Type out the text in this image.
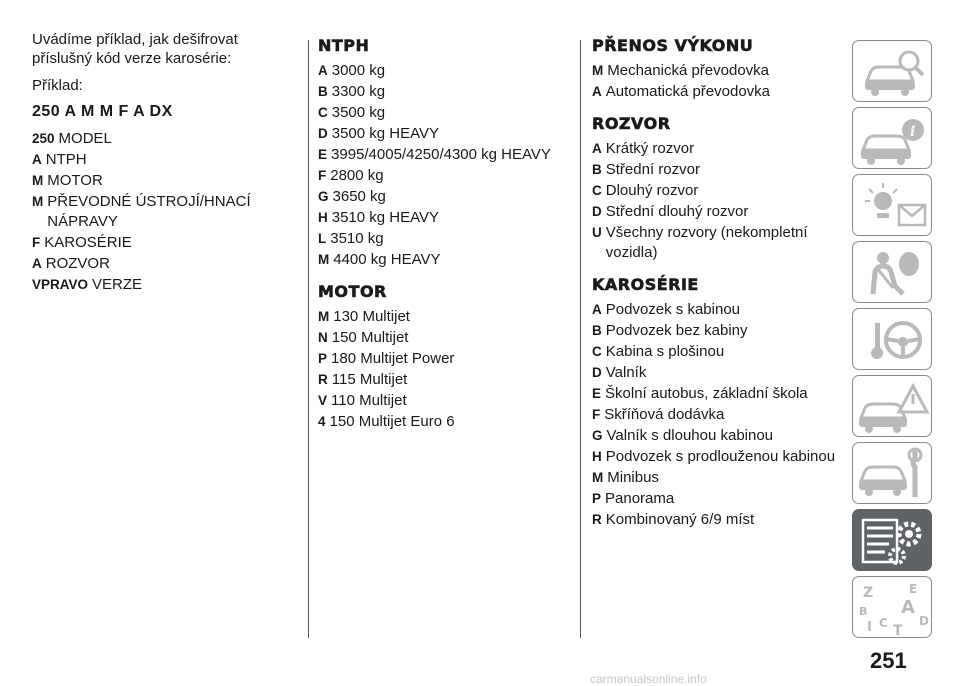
Uvádíme příklad, jak dešifrovat příslušný kód verze karosérie:

Příklad:

250 A M M F A DX

250 MODEL
A NTPH
M MOTOR
M PŘEVODNÉ ÚSTROJÍ/HNACÍ NÁPRAVY
F KAROSÉRIE
A ROZVOR
VPRAVO VERZE
NTPH
A 3000 kg
B 3300 kg
C 3500 kg
D 3500 kg HEAVY
E 3995/4005/4250/4300 kg HEAVY
F 2800 kg
G 3650 kg
H 3510 kg HEAVY
L 3510 kg
M 4400 kg HEAVY
MOTOR
M 130 Multijet
N 150 Multijet
P 180 Multijet Power
R 115 Multijet
V 110 Multijet
4 150 Multijet Euro 6
PŘENOS VÝKONU
M Mechanická převodovka
A Automatická převodovka
ROZVOR
A Krátký rozvor
B Střední rozvor
C Dlouhý rozvor
D Střední dlouhý rozvor
U Všechny rozvory (nekompletní vozidla)
KAROSÉRIE
A Podvozek s kabinou
B Podvozek bez kabiny
C Kabina s plošinou
D Valník
E Školní autobus, základní škola
F Skříňová dodávka
G Valník s dlouhou kabinou
H Podvozek s prodlouženou kabinou
M Minibus
P Panorama
R Kombinovaný 6/9 míst
i
Z	E
B A
I C T
D
251
carmanualsonline.info
